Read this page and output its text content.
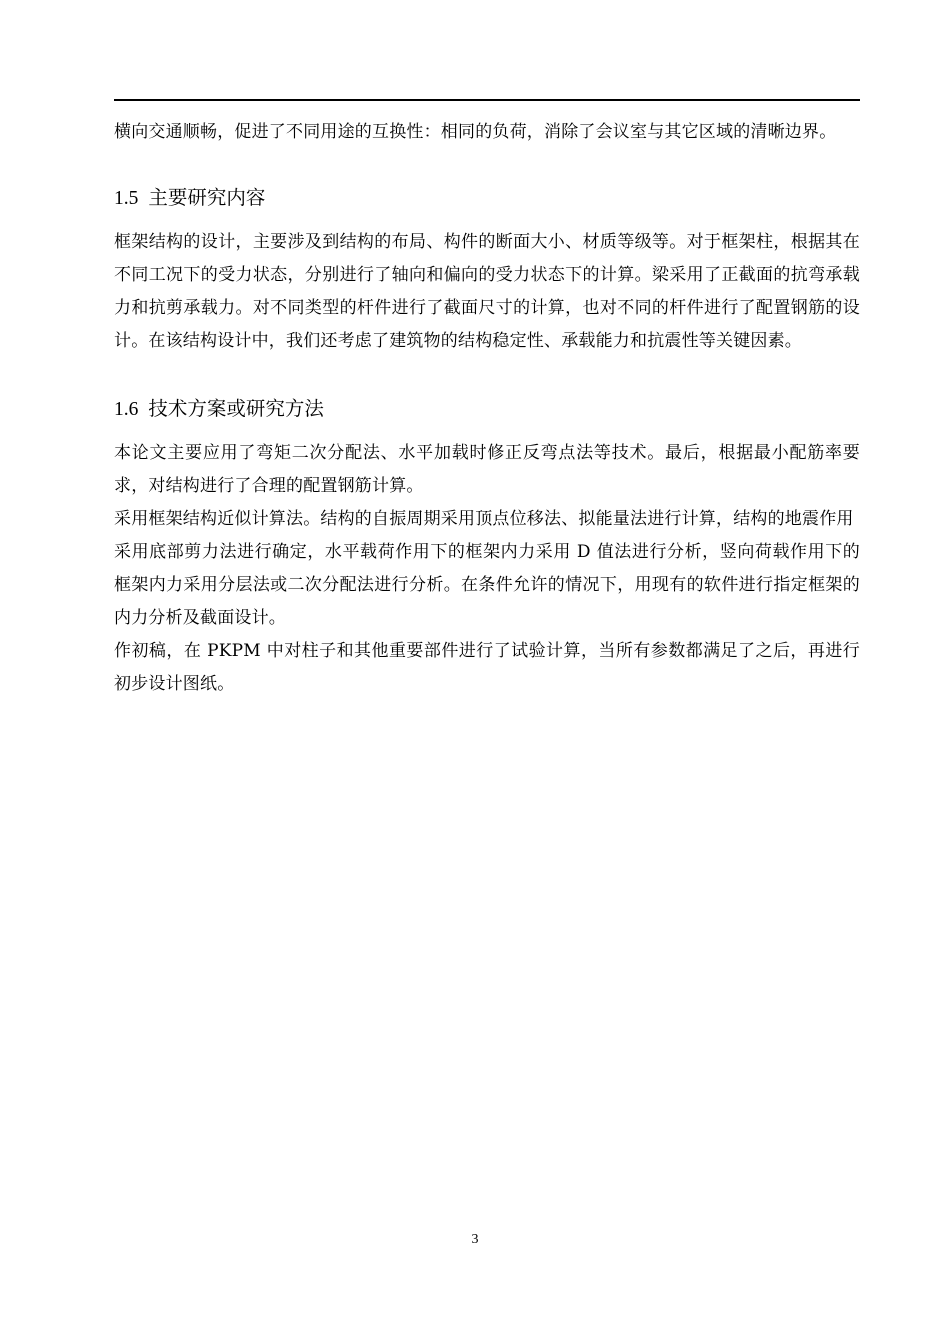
横向交通顺畅，促进了不同用途的互换性：相同的负荷，消除了会议室与其它区域的清晰边界。

1.5 主要研究内容

框架结构的设计，主要涉及到结构的布局、构件的断面大小、材质等级等。对于框架柱，根据其在不同工况下的受力状态，分别进行了轴向和偏向的受力状态下的计算。梁采用了正截面的抗弯承载力和抗剪承载力。对不同类型的杆件进行了截面尺寸的计算，也对不同的杆件进行了配置钢筋的设计。在该结构设计中，我们还考虑了建筑物的结构稳定性、承载能力和抗震性等关键因素。

1.6 技术方案或研究方法

本论文主要应用了弯矩二次分配法、水平加载时修正反弯点法等技术。最后，根据最小配筋率要求，对结构进行了合理的配置钢筋计算。

采用框架结构近似计算法。结构的自振周期采用顶点位移法、拟能量法进行计算，结构的地震作用

采用底部剪力法进行确定，水平载荷作用下的框架内力采用 D 值法进行分析，竖向荷载作用下的框架内力采用分层法或二次分配法进行分析。在条件允许的情况下，用现有的软件进行指定框架的内力分析及截面设计。

作初稿，在 PKPM 中对柱子和其他重要部件进行了试验计算，当所有参数都满足了之后，再进行初步设计图纸。

3
